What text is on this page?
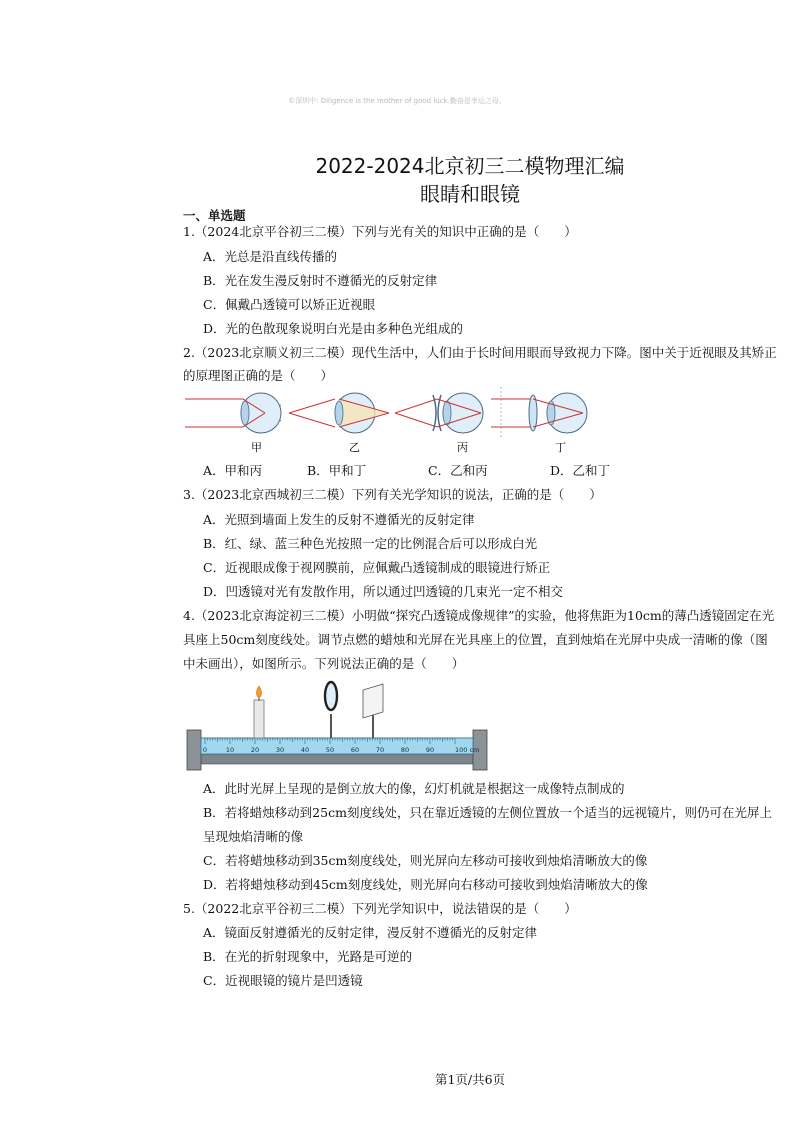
©深圳中: Diligence is the mother of good luck.勤奋是幸运之母。
2022-2024北京初三二模物理汇编
眼睛和眼镜
一、单选题
1.（2024北京平谷初三二模）下列与光有关的知识中正确的是（　　）
A．光总是沿直线传播的
B．光在发生漫反射时不遵循光的反射定律
C．佩戴凸透镜可以矫正近视眼
D．光的色散现象说明白光是由多种色光组成的
2.（2023北京顺义初三二模）现代生活中，人们由于长时间用眼而导致视力下降。图中关于近视眼及其矫正
的原理图正确的是（　　）
甲	乙	丙	丁
A．甲和丙	B．甲和丁	C．乙和丙	D．乙和丁
3.（2023北京西城初三二模）下列有关光学知识的说法，正确的是（　　）
A．光照到墙面上发生的反射不遵循光的反射定律
B．红、绿、蓝三种色光按照一定的比例混合后可以形成白光
C．近视眼成像于视网膜前，应佩戴凸透镜制成的眼镜进行矫正
D．凹透镜对光有发散作用，所以通过凹透镜的几束光一定不相交
4.（2023北京海淀初三二模）小明做“探究凸透镜成像规律”的实验，他将焦距为10cm的薄凸透镜固定在光
具座上50cm刻度线处。调节点燃的蜡烛和光屏在光具座上的位置，直到烛焰在光屏中央成一清晰的像（图
中未画出），如图所示。下列说法正确的是（　　）
0	10	20	30	40	50	60	70	80	90	100 cm
A．此时光屏上呈现的是倒立放大的像，幻灯机就是根据这一成像特点制成的
B．若将蜡烛移动到25cm刻度线处，只在靠近透镜的左侧位置放一个适当的远视镜片，则仍可在光屏上
呈现烛焰清晰的像
C．若将蜡烛移动到35cm刻度线处，则光屏向左移动可接收到烛焰清晰放大的像
D．若将蜡烛移动到45cm刻度线处，则光屏向右移动可接收到烛焰清晰放大的像
5.（2022北京平谷初三二模）下列光学知识中，说法错误的是（　　）
A．镜面反射遵循光的反射定律，漫反射不遵循光的反射定律
B．在光的折射现象中，光路是可逆的
C．近视眼镜的镜片是凹透镜
第1页/共6页
